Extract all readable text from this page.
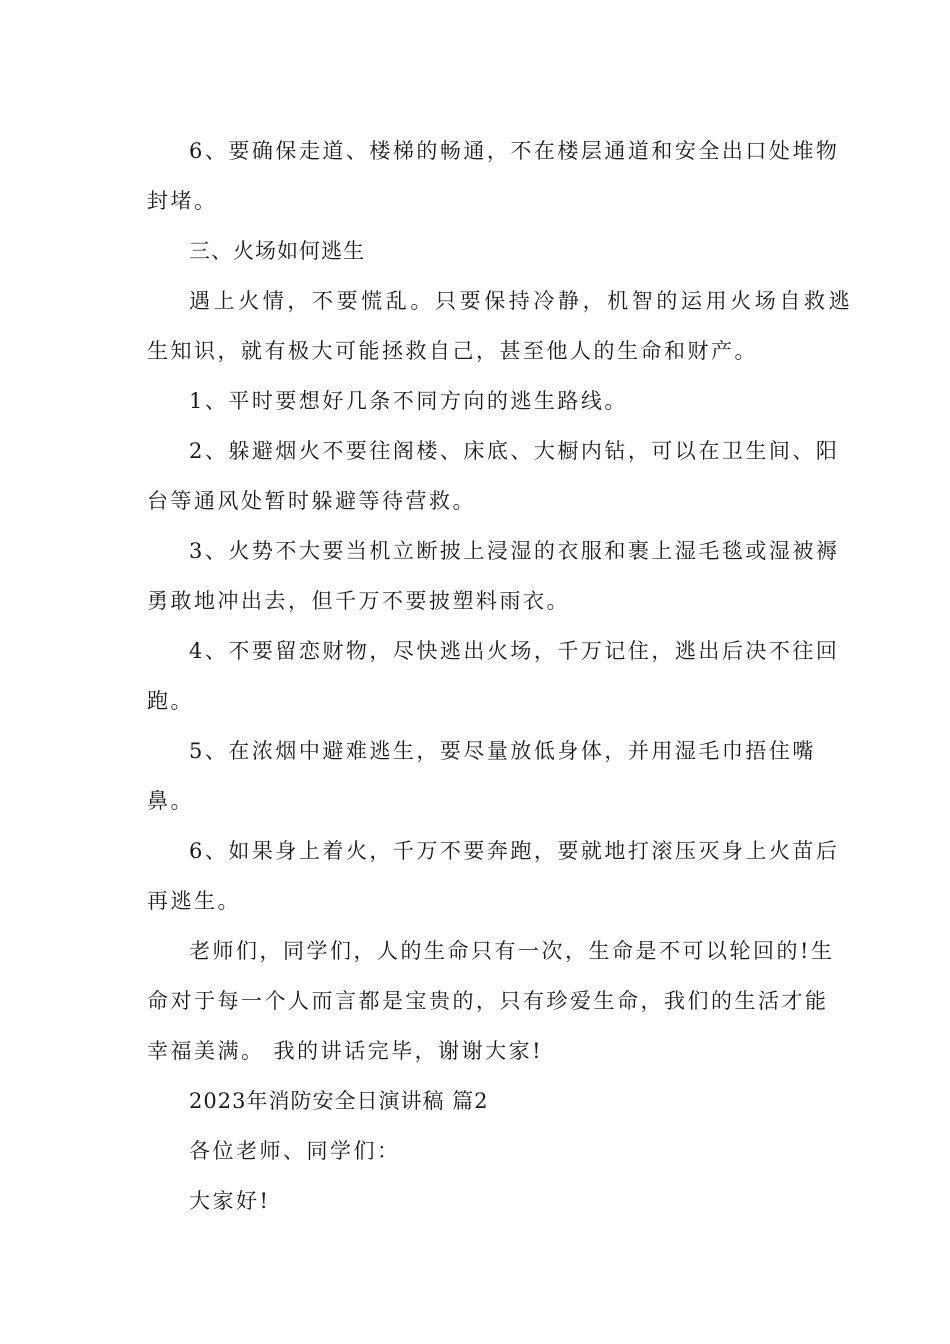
6、要确保走道、楼梯的畅通，不在楼层通道和安全出口处堆物
封堵。
三、火场如何逃生
遇上火情，不要慌乱。只要保持冷静，机智的运用火场自救逃
生知识，就有极大可能拯救自己，甚至他人的生命和财产。
1、平时要想好几条不同方向的逃生路线。
2、躲避烟火不要往阁楼、床底、大橱内钻，可以在卫生间、阳
台等通风处暂时躲避等待营救。
3、火势不大要当机立断披上浸湿的衣服和裹上湿毛毯或湿被褥
勇敢地冲出去，但千万不要披塑料雨衣。
4、不要留恋财物，尽快逃出火场，千万记住，逃出后决不往回
跑。
5、在浓烟中避难逃生，要尽量放低身体，并用湿毛巾捂住嘴
鼻。
6、如果身上着火，千万不要奔跑，要就地打滚压灭身上火苗后
再逃生。
老师们，同学们，人的生命只有一次，生命是不可以轮回的!生
命对于每一个人而言都是宝贵的，只有珍爱生命，我们的生活才能
幸福美满。 我的讲话完毕，谢谢大家!
2023年消防安全日演讲稿 篇2
各位老师、同学们：
大家好!
